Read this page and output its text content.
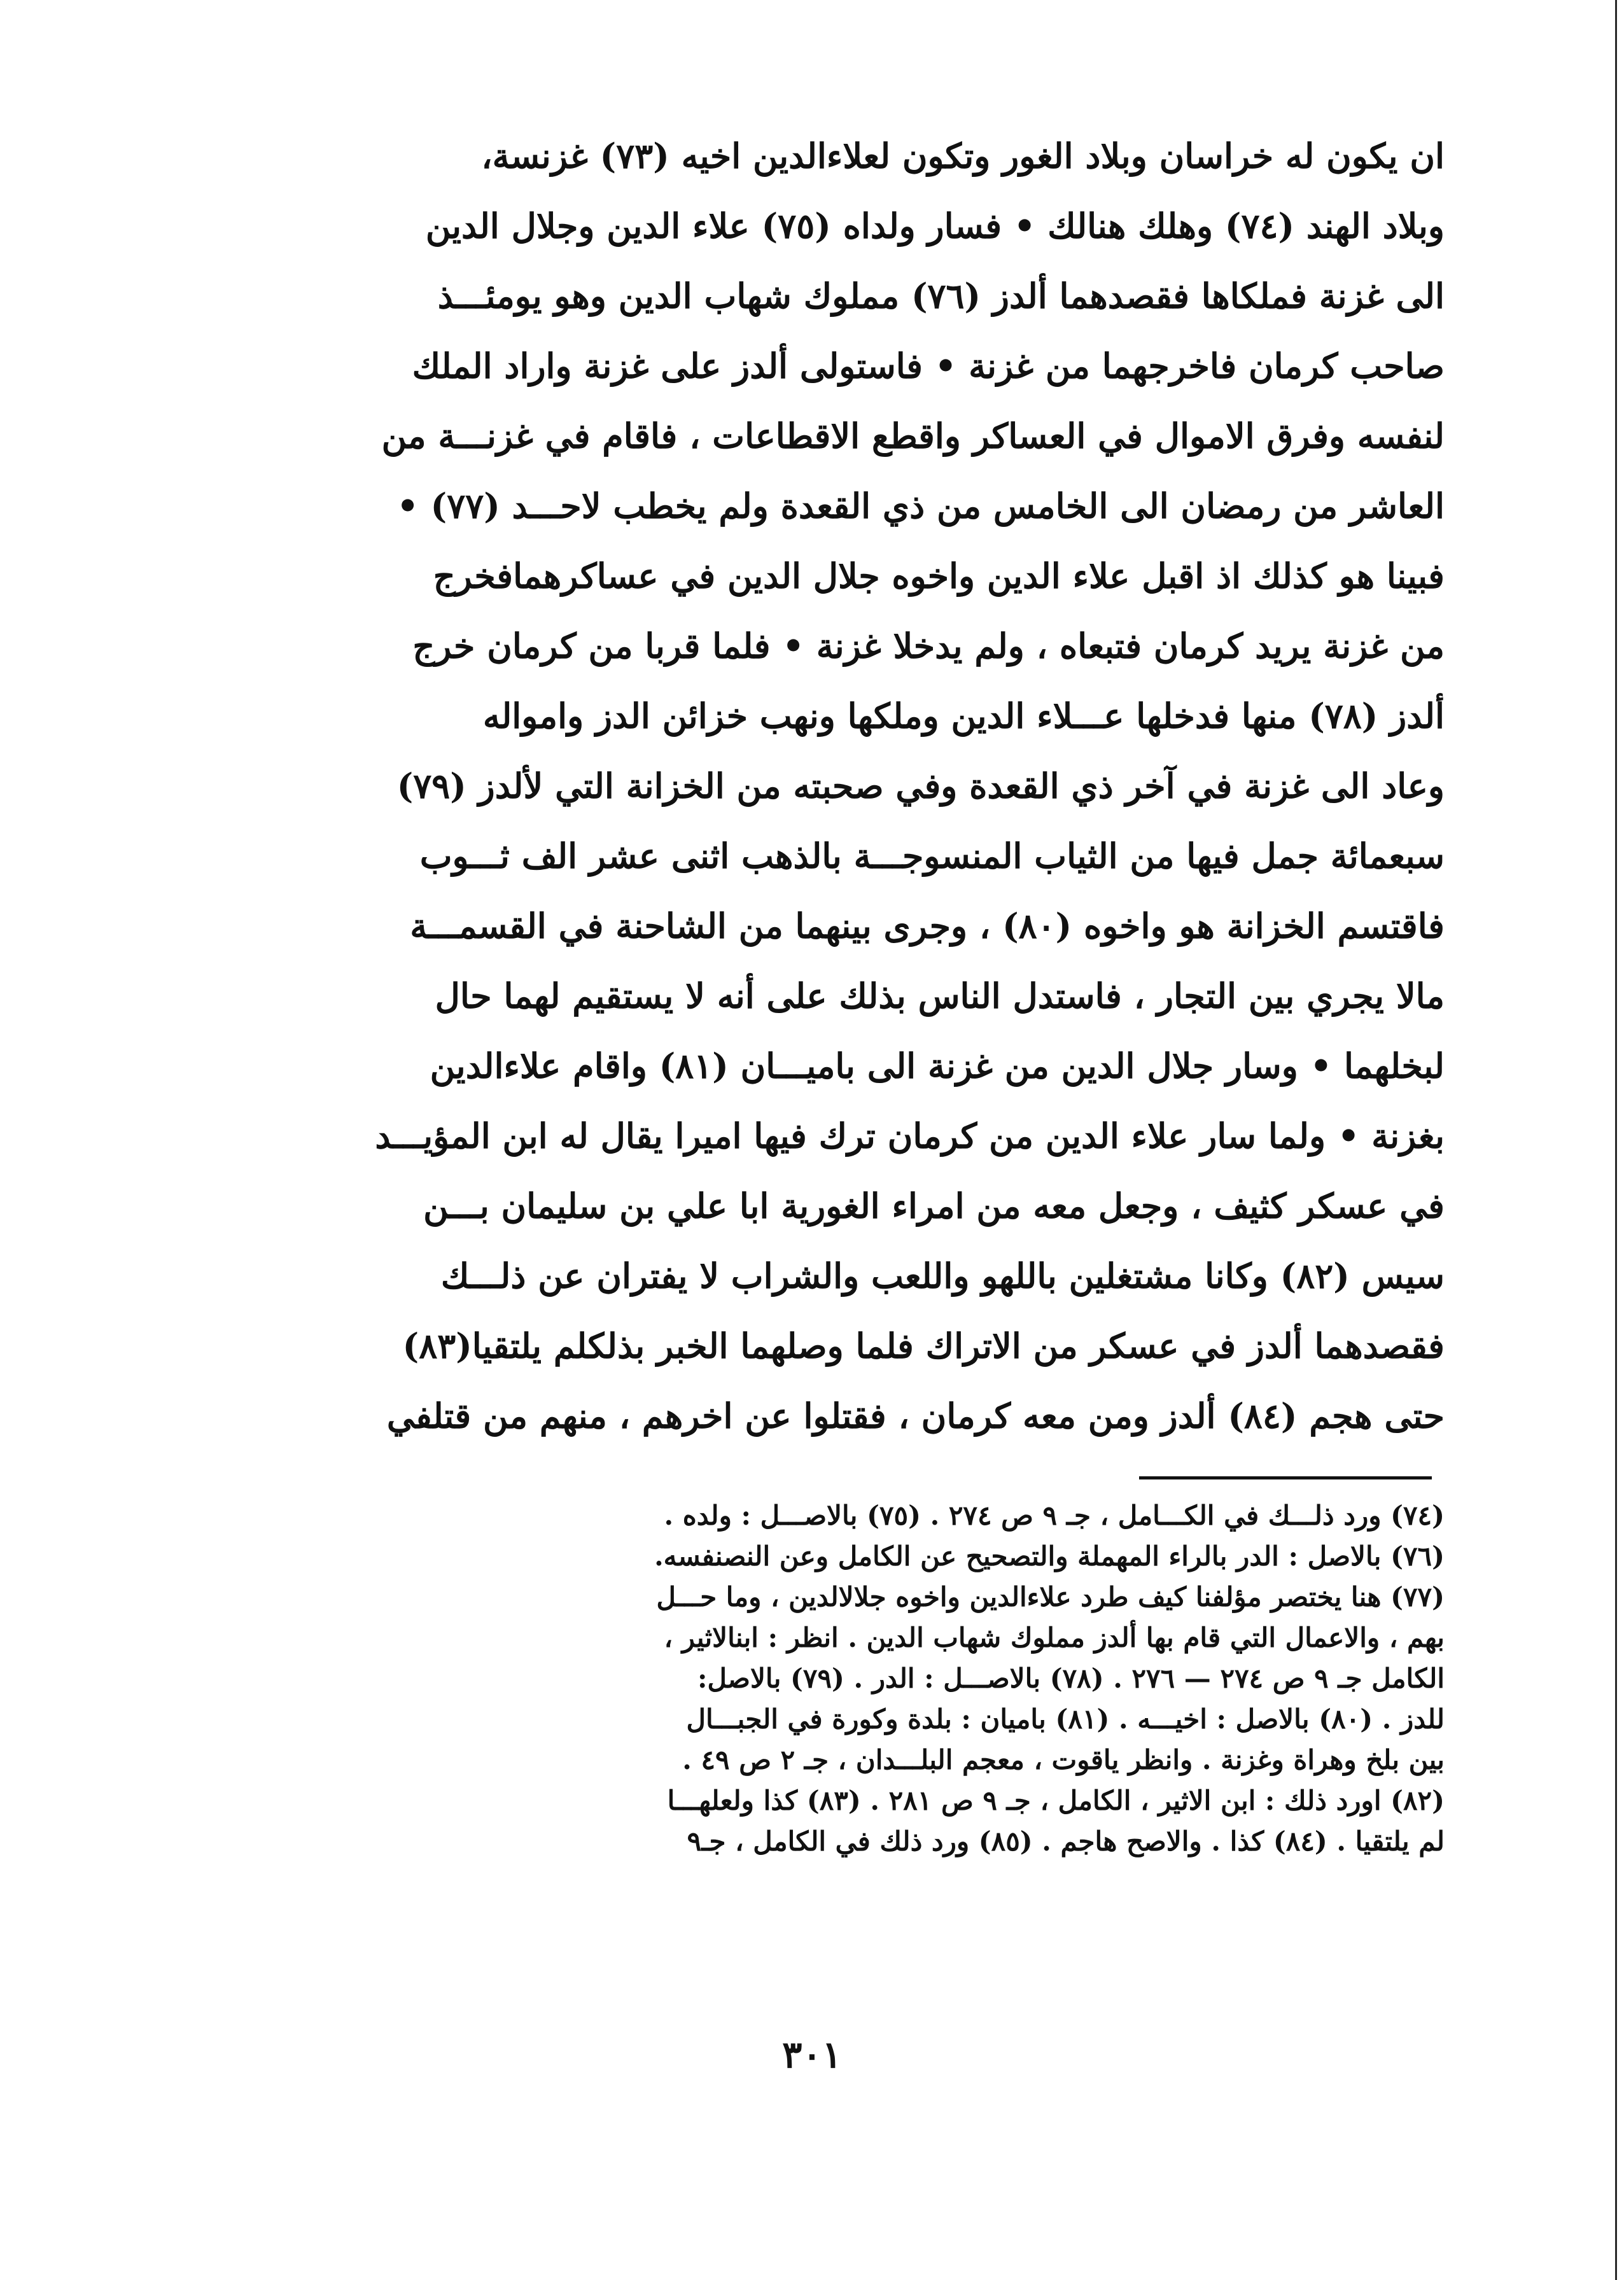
ان يكون له خراسان وبلاد الغور وتكون لعلاءالدين اخيه (٧٣) غزنسة،
وبلاد الهند (٧٤) وهلك هنالك • فسار ولداه (٧٥) علاء الدين وجلال الدين
الى غزنة فملكاها فقصدهما ألدز (٧٦) مملوك شهاب الدين وهو يومئـــذ
صاحب كرمان فاخرجهما من غزنة • فاستولى ألدز على غزنة واراد الملك
لنفسه وفرق الاموال في العساكر واقطع الاقطاعات ، فاقام في غزنـــة من
العاشر من رمضان الى الخامس من ذي القعدة ولم يخطب لاحـــد (٧٧) •
فبينا هو كذلك اذ اقبل علاء الدين واخوه جلال الدين في عساكرهمافخرج
من غزنة يريد كرمان فتبعاه ، ولم يدخلا غزنة • فلما قربا من كرمان خرج
ألدز (٧٨) منها فدخلها عـــلاء الدين وملكها ونهب خزائن الدز وامواله
وعاد الى غزنة في آخر ذي القعدة وفي صحبته من الخزانة التي لألدز (٧٩)
سبعمائة جمل فيها من الثياب المنسوجـــة بالذهب اثنى عشر الف ثـــوب
فاقتسم الخزانة هو واخوه (٨٠) ، وجرى بينهما من الشاحنة في القسمـــة
مالا يجري بين التجار ، فاستدل الناس بذلك على أنه لا يستقيم لهما حال
لبخلهما • وسار جلال الدين من غزنة الى باميـــان (٨١) واقام علاءالدين
بغزنة • ولما سار علاء الدين من كرمان ترك فيها اميرا يقال له ابن المؤيـــد
في عسكر كثيف ، وجعل معه من امراء الغورية ابا علي بن سليمان بـــن
سيس (٨٢) وكانا مشتغلين باللهو واللعب والشراب لا يفتران عن ذلـــك
فقصدهما ألدز في عسكر من الاتراك فلما وصلهما الخبر بذلكلم يلتقيا(٨٣)
حتى هجم (٨٤) ألدز ومن معه كرمان ، فقتلوا عن اخرهم ، منهم من قتلفي
(٧٤) ورد ذلـــك في الكـــامل ، جـ ٩ ص ٢٧٤ . (٧٥) بالاصـــل : ولده .
(٧٦) بالاصل : الدر بالراء المهملة والتصحيح عن الكامل وعن النصنفسه.
(٧٧) هنا يختصر مؤلفنا كيف طرد علاءالدين واخوه جلالالدين ، وما حـــل
بهم ، والاعمال التي قام بها ألدز مملوك شهاب الدين . انظر : ابنالاثير ،
الكامل جـ ٩ ص ٢٧٤ — ٢٧٦ . (٧٨) بالاصـــل : الدر . (٧٩) بالاصل:
للدز . (٨٠) بالاصل : اخيـــه . (٨١) باميان : بلدة وكورة في الجبـــال
بين بلخ وهراة وغزنة . وانظر ياقوت ، معجم البلـــدان ، جـ ٢ ص ٤٩ .
(٨٢) اورد ذلك : ابن الاثير ، الكامل ، جـ ٩ ص ٢٨١ . (٨٣) كذا ولعلهـــا
لم يلتقيا . (٨٤) كذا . والاصح هاجم . (٨٥) ورد ذلك في الكامل ، جـ٩
٣٠١
